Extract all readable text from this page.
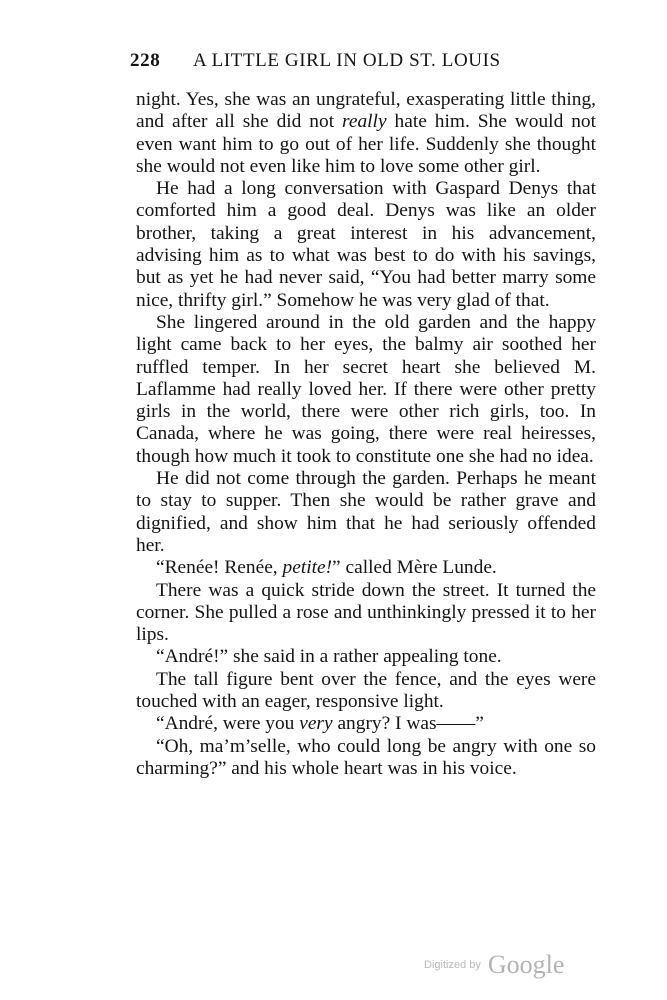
228 A LITTLE GIRL IN OLD ST. LOUIS

night. Yes, she was an ungrateful, exasperating little thing, and after all she did not really hate him. She would not even want him to go out of her life. Suddenly she thought she would not even like him to love some other girl.

He had a long conversation with Gaspard Denys that comforted him a good deal. Denys was like an older brother, taking a great interest in his advancement, advising him as to what was best to do with his savings, but as yet he had never said, “You had better marry some nice, thrifty girl.” Somehow he was very glad of that.

She lingered around in the old garden and the happy light came back to her eyes, the balmy air soothed her ruffled temper. In her secret heart she believed M. Laflamme had really loved her. If there were other pretty girls in the world, there were other rich girls, too. In Canada, where he was going, there were real heiresses, though how much it took to constitute one she had no idea.

He did not come through the garden. Perhaps he meant to stay to supper. Then she would be rather grave and dignified, and show him that he had seriously offended her.

“Renée! Renée, petite!” called Mère Lunde.

There was a quick stride down the street. It turned the corner. She pulled a rose and unthinkingly pressed it to her lips.

“André!” she said in a rather appealing tone.

The tall figure bent over the fence, and the eyes were touched with an eager, responsive light.

“André, were you very angry? I was——”

“Oh, ma’m’selle, who could long be angry with one so charming?” and his whole heart was in his voice.

Digitized by Google
